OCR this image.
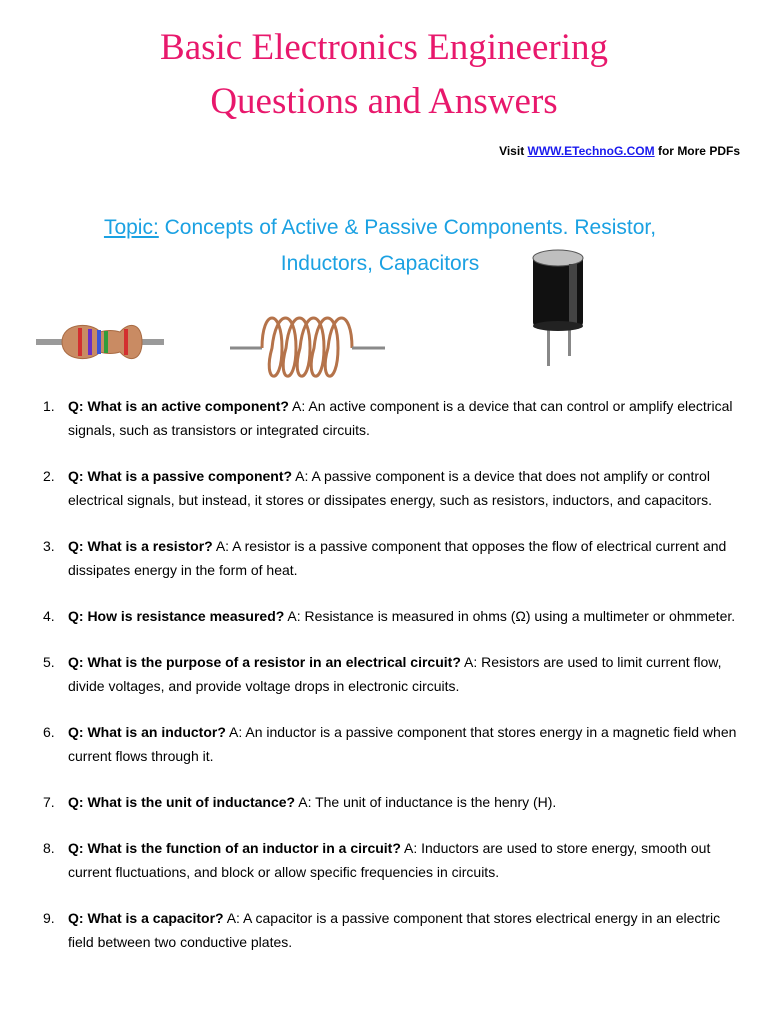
Basic Electronics Engineering
Questions and Answers
Visit WWW.ETechnoG.COM for More PDFs
Topic: Concepts of Active & Passive Components. Resistor,
Inductors, Capacitors
1. Q: What is an active component? A: An active component is a device that can control or amplify electrical signals, such as transistors or integrated circuits.
2. Q: What is a passive component? A: A passive component is a device that does not amplify or control electrical signals, but instead, it stores or dissipates energy, such as resistors, inductors, and capacitors.
3. Q: What is a resistor? A: A resistor is a passive component that opposes the flow of electrical current and dissipates energy in the form of heat.
4. Q: How is resistance measured? A: Resistance is measured in ohms (Ω) using a multimeter or ohmmeter.
5. Q: What is the purpose of a resistor in an electrical circuit? A: Resistors are used to limit current flow, divide voltages, and provide voltage drops in electronic circuits.
6. Q: What is an inductor? A: An inductor is a passive component that stores energy in a magnetic field when current flows through it.
7. Q: What is the unit of inductance? A: The unit of inductance is the henry (H).
8. Q: What is the function of an inductor in a circuit? A: Inductors are used to store energy, smooth out current fluctuations, and block or allow specific frequencies in circuits.
9. Q: What is a capacitor? A: A capacitor is a passive component that stores electrical energy in an electric field between two conductive plates.
